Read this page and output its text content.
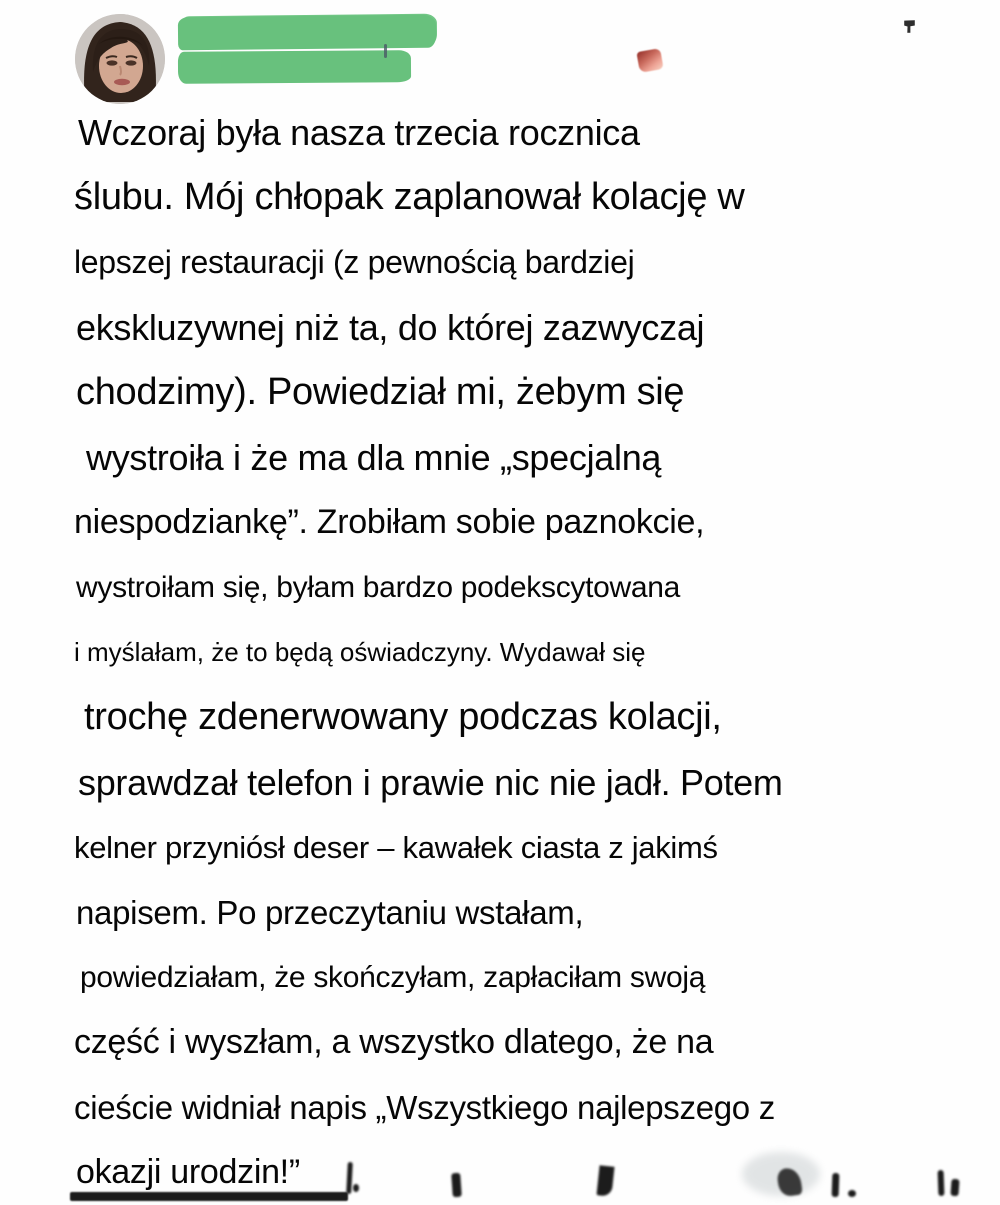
Wczoraj była nasza trzecia rocznica
ślubu. Mój chłopak zaplanował kolację w
lepszej restauracji (z pewnością bardziej
ekskluzywnej niż ta, do której zazwyczaj
chodzimy). Powiedział mi, żebym się
wystroiła i że ma dla mnie „specjalną
niespodziankę”. Zrobiłam sobie paznokcie,
wystroiłam się, byłam bardzo podekscytowana
i myślałam, że to będą oświadczyny. Wydawał się
trochę zdenerwowany podczas kolacji,
sprawdzał telefon i prawie nic nie jadł. Potem
kelner przyniósł deser – kawałek ciasta z jakimś
napisem. Po przeczytaniu wstałam,
powiedziałam, że skończyłam, zapłaciłam swoją
część i wyszłam, a wszystko dlatego, że na
cieście widniał napis „Wszystkiego najlepszego z
okazji urodzin!”
